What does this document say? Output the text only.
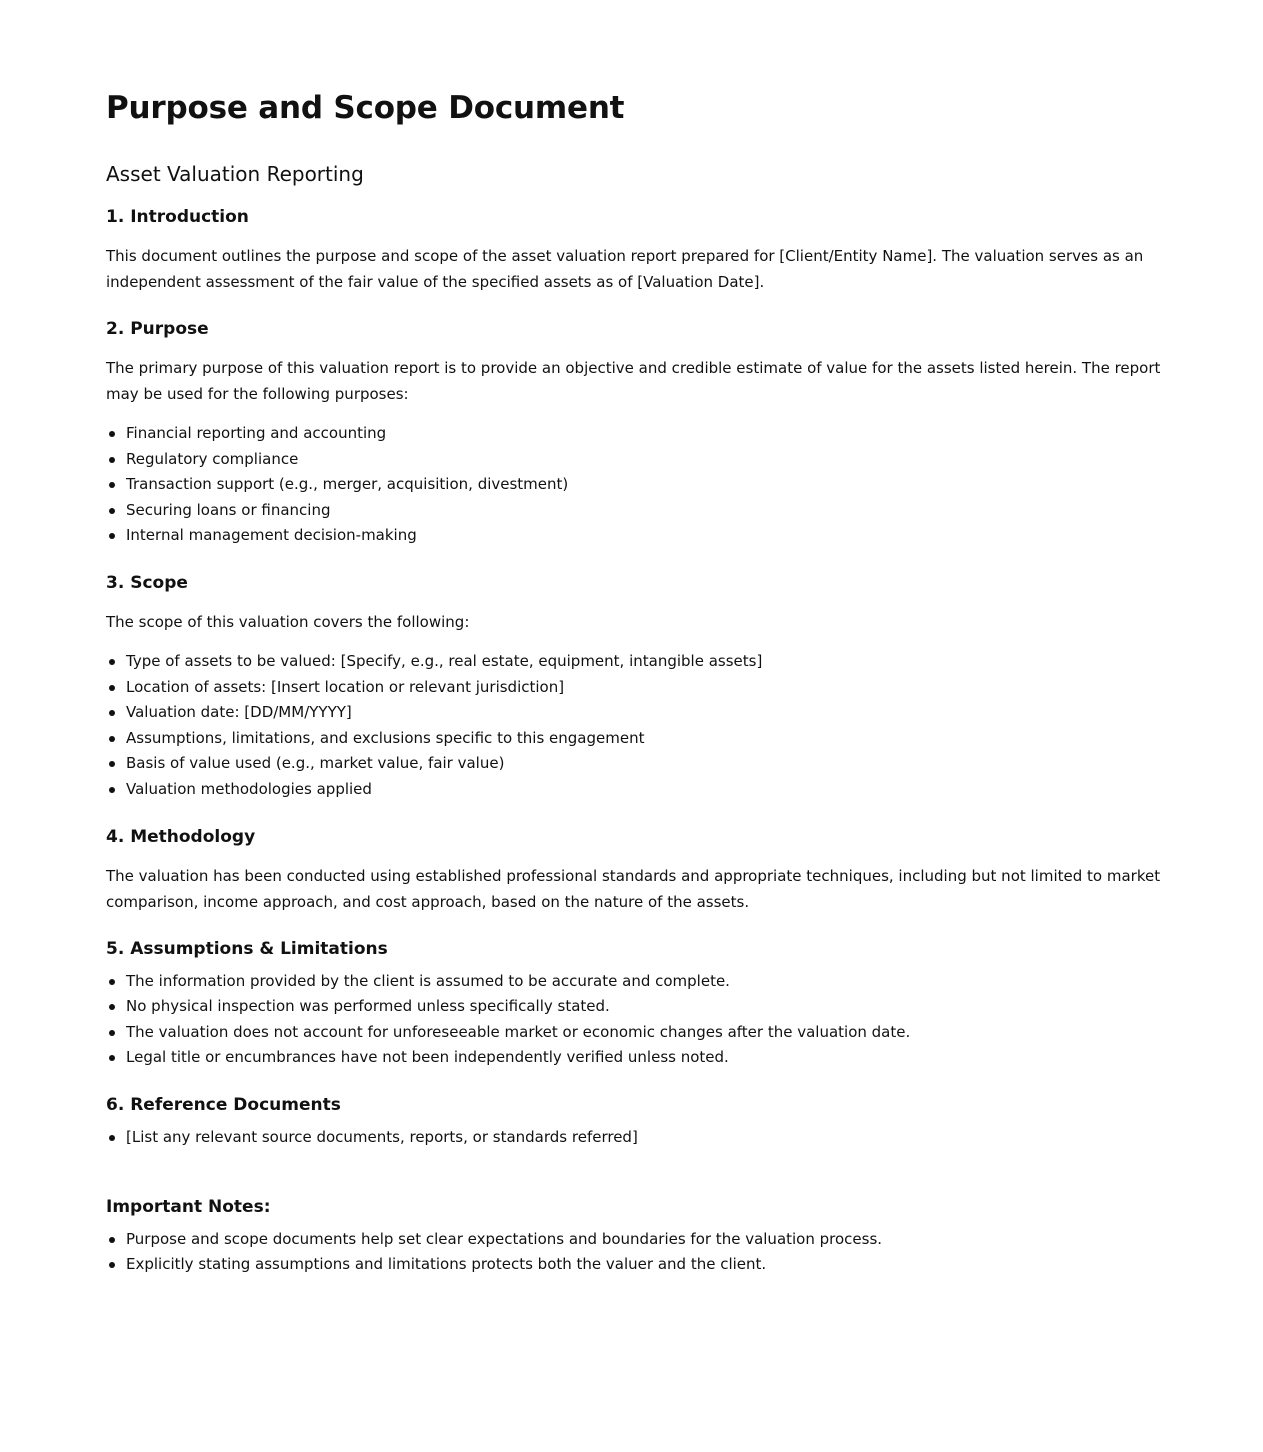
Purpose and Scope Document
Asset Valuation Reporting
1. Introduction

This document outlines the purpose and scope of the asset valuation report prepared for [Client/Entity Name]. The valuation serves as an independent assessment of the fair value of the specified assets as of [Valuation Date].

2. Purpose

The primary purpose of this valuation report is to provide an objective and credible estimate of value for the assets listed herein. The report may be used for the following purposes:

Financial reporting and accounting
Regulatory compliance
Transaction support (e.g., merger, acquisition, divestment)
Securing loans or financing
Internal management decision-making
3. Scope

The scope of this valuation covers the following:

Type of assets to be valued: [Specify, e.g., real estate, equipment, intangible assets]
Location of assets: [Insert location or relevant jurisdiction]
Valuation date: [DD/MM/YYYY]
Assumptions, limitations, and exclusions specific to this engagement
Basis of value used (e.g., market value, fair value)
Valuation methodologies applied
4. Methodology

The valuation has been conducted using established professional standards and appropriate techniques, including but not limited to market comparison, income approach, and cost approach, based on the nature of the assets.

5. Assumptions & Limitations
The information provided by the client is assumed to be accurate and complete.
No physical inspection was performed unless specifically stated.
The valuation does not account for unforeseeable market or economic changes after the valuation date.
Legal title or encumbrances have not been independently verified unless noted.
6. Reference Documents
[List any relevant source documents, reports, or standards referred]
Important Notes:
Purpose and scope documents help set clear expectations and boundaries for the valuation process.
Explicitly stating assumptions and limitations protects both the valuer and the client.
